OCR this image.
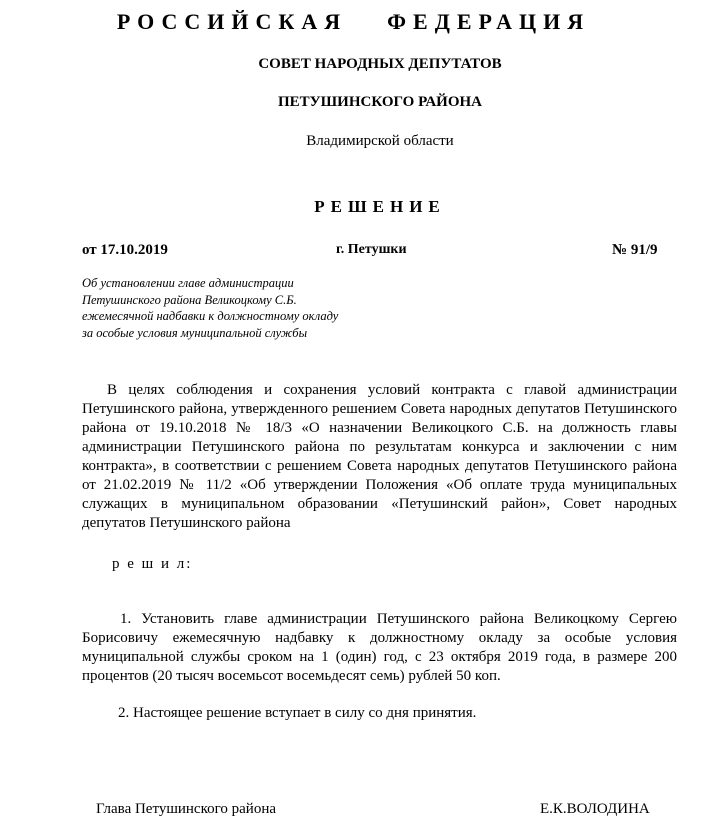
РОССИЙСКАЯ ФЕДЕРАЦИЯ
СОВЕТ НАРОДНЫХ ДЕПУТАТОВ
ПЕТУШИНСКОГО РАЙОНА
Владимирской области
РЕШЕНИЕ
от 17.10.2019	г. Петушки	№ 91/9
Об установлении главе администрации
Петушинского района Великоцкому С.Б.
ежемесячной надбавки к должностному окладу
за особые условия муниципальной службы
В целях соблюдения и сохранения условий контракта с главой администрации Петушинского района, утвержденного решением Совета народных депутатов Петушинского района от 19.10.2018 № 18/3 «О назначении Великоцкого С.Б. на должность главы администрации Петушинского района по результатам конкурса и заключении с ним контракта», в соответствии с решением Совета народных депутатов Петушинского района от 21.02.2019 № 11/2 «Об утверждении Положения «Об оплате труда муниципальных служащих в муниципальном образовании «Петушинский район», Совет народных депутатов Петушинского района
р е ш и л:
1. Установить главе администрации Петушинского района Великоцкому Сергею Борисовичу ежемесячную надбавку к должностному окладу за особые условия муниципальной службы сроком на 1 (один) год, с 23 октября 2019 года, в размере 200 процентов (20 тысяч восемьсот восемьдесят семь) рублей 50 коп.
2. Настоящее решение вступает в силу со дня принятия.
Глава Петушинского района	Е.К.ВОЛОДИНА
